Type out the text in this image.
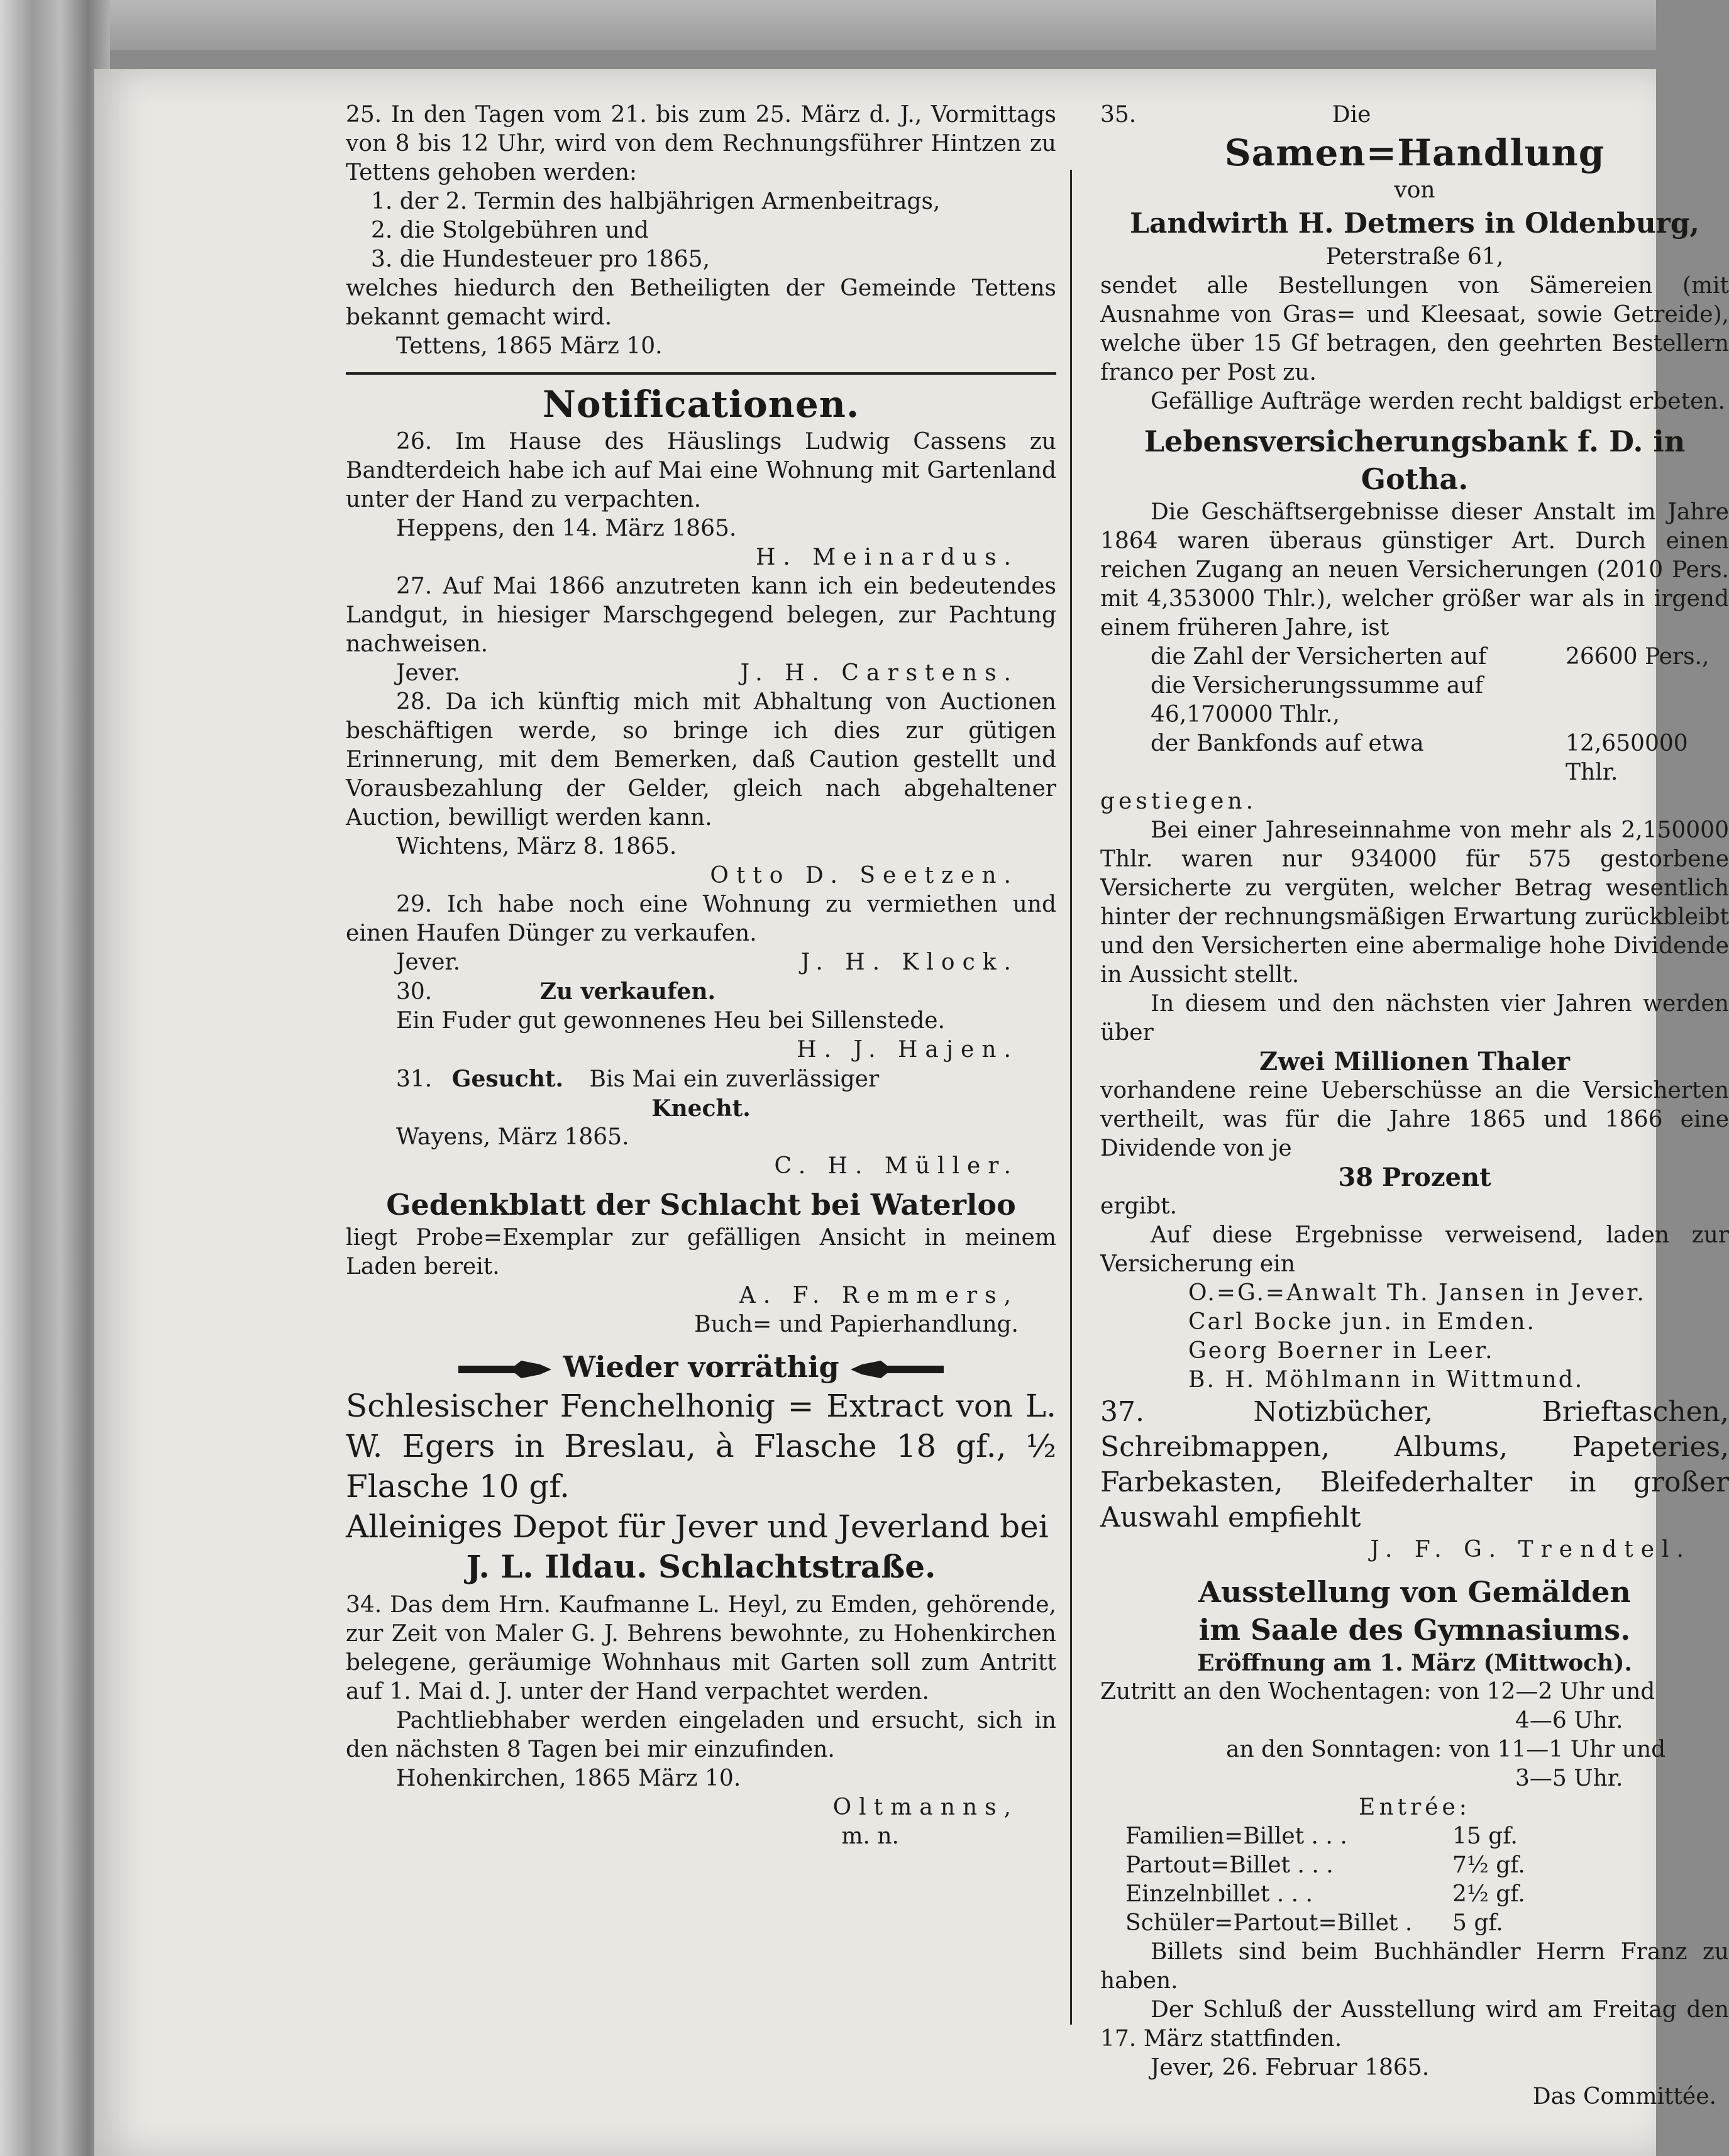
25. In den Tagen vom 21. bis zum 25. März d. J., Vormittags von 8 bis 12 Uhr, wird von dem Rechnungsführer Hintzen zu Tettens gehoben werden:

1. der 2. Termin des halbjährigen Armenbeitrags,

2. die Stolgebühren und

3. die Hundesteuer pro 1865,

welches hiedurch den Betheiligten der Gemeinde Tettens bekannt gemacht wird.

Tettens, 1865 März 10.

Notificationen.

26. Im Hause des Häuslings Ludwig Cassens zu Bandterdeich habe ich auf Mai eine Wohnung mit Gartenland unter der Hand zu verpachten.

Heppens, den 14. März 1865.

H. Meinardus.

27. Auf Mai 1866 anzutreten kann ich ein bedeutendes Landgut, in hiesiger Marschgegend belegen, zur Pachtung nachweisen.

Jever.	J. H. Carstens.

28. Da ich künftig mich mit Abhaltung von Auctionen beschäftigen werde, so bringe ich dies zur gütigen Erinnerung, mit dem Bemerken, daß Caution gestellt und Vorausbezahlung der Gelder, gleich nach abgehaltener Auction, bewilligt werden kann.

Wichtens, März 8. 1865.

Otto D. Seetzen.

29. Ich habe noch eine Wohnung zu vermiethen und einen Haufen Dünger zu verkaufen.

Jever.	J. H. Klock.

30.	Zu verkaufen.

Ein Fuder gut gewonnenes Heu bei Sillenstede.

H. J. Hajen.

31. Gesucht. Bis Mai ein zuverlässiger

Knecht.

Wayens, März 1865.

C. H. Müller.

Gedenkblatt der Schlacht bei Waterloo

liegt Probe=Exemplar zur gefälligen Ansicht in meinem Laden bereit.

A. F. Remmers,

Buch= und Papierhandlung.

Wieder vorräthig

Schlesischer Fenchelhonig = Extract von L. W. Egers in Breslau, à Flasche 18 gf., ½ Flasche 10 gf.

Alleiniges Depot für Jever und Jeverland bei

J. L. Ildau. Schlachtstraße.

34. Das dem Hrn. Kaufmanne L. Heyl, zu Emden, gehörende, zur Zeit von Maler G. J. Behrens bewohnte, zu Hohenkirchen belegene, geräumige Wohnhaus mit Garten soll zum Antritt auf 1. Mai d. J. unter der Hand verpachtet werden.

Pachtliebhaber werden eingeladen und ersucht, sich in den nächsten 8 Tagen bei mir einzufinden.

Hohenkirchen, 1865 März 10.

Oltmanns,

m. n.

35.	Die

Samen=Handlung

von

Landwirth H. Detmers in Oldenburg,

Peterstraße 61,

sendet alle Bestellungen von Sämereien (mit Ausnahme von Gras= und Kleesaat, sowie Getreide), welche über 15 Gf betragen, den geehrten Bestellern franco per Post zu.

Gefällige Aufträge werden recht baldigst erbeten.

Lebensversicherungsbank f. D. in Gotha.

Die Geschäftsergebnisse dieser Anstalt im Jahre 1864 waren überaus günstiger Art. Durch einen reichen Zugang an neuen Versicherungen (2010 Pers. mit 4,353000 Thlr.), welcher größer war als in irgend einem früheren Jahre, ist

die Zahl der Versicherten auf	26600 Pers.,

die Versicherungssumme auf 46,170000 Thlr.,

der Bankfonds auf etwa	12,650000 Thlr.

gestiegen.

Bei einer Jahreseinnahme von mehr als 2,150000 Thlr. waren nur 934000 für 575 gestorbene Versicherte zu vergüten, welcher Betrag wesentlich hinter der rechnungsmäßigen Erwartung zurückbleibt und den Versicherten eine abermalige hohe Dividende in Aussicht stellt.

In diesem und den nächsten vier Jahren werden über

Zwei Millionen Thaler

vorhandene reine Ueberschüsse an die Versicherten vertheilt, was für die Jahre 1865 und 1866 eine Dividende von je

38 Prozent

ergibt.

Auf diese Ergebnisse verweisend, laden zur Versicherung ein

O.=G.=Anwalt Th. Jansen in Jever.

Carl Bocke jun. in Emden.

Georg Boerner in Leer.

B. H. Möhlmann in Wittmund.

37. Notizbücher, Brieftaschen, Schreibmappen, Albums, Papeteries, Farbekasten, Bleifederhalter in großer Auswahl empfiehlt

J. F. G. Trendtel.

Ausstellung von Gemälden

im Saale des Gymnasiums.

Eröffnung am 1. März (Mittwoch).

Zutritt an den Wochentagen: von 12—2 Uhr und

4—6 Uhr.

an den Sonntagen: von 11—1 Uhr und

3—5 Uhr.

Entrée:

Familien=Billet . . .	15 gf.

Partout=Billet . . .	7½ gf.

Einzelnbillet . . .	2½ gf.

Schüler=Partout=Billet .	5 gf.

Billets sind beim Buchhändler Herrn Franz zu haben.

Der Schluß der Ausstellung wird am Freitag den 17. März stattfinden.

Jever, 26. Februar 1865.

Das Committée.
